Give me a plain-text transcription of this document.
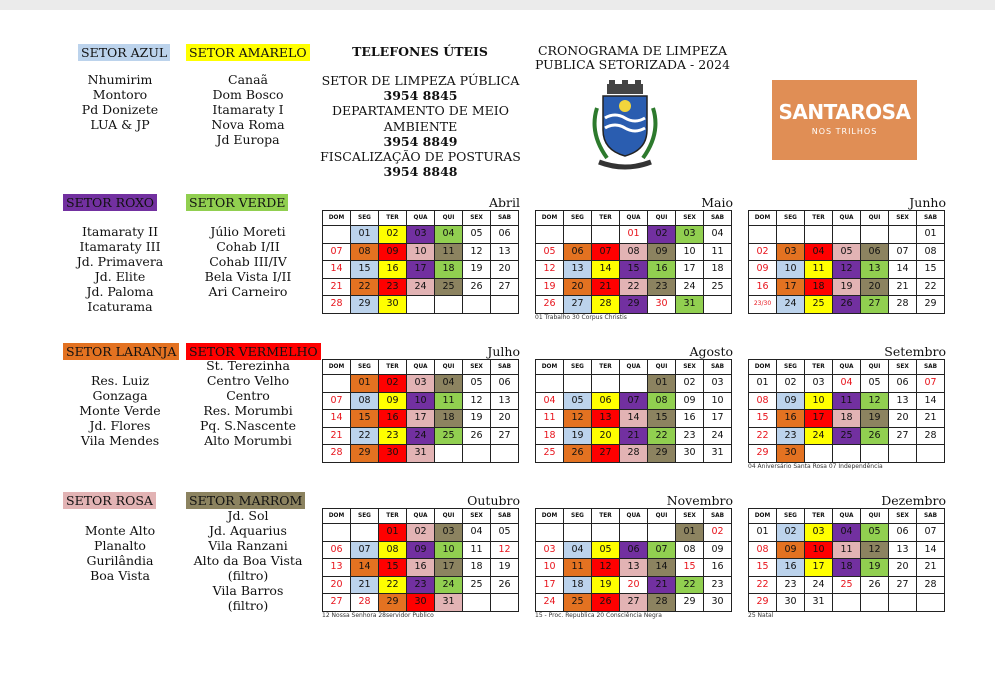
SETOR AZUL SETOR AMARELO	TELEFONES ÚTEIS	CRONOGRAMA DE LIMPEZA
PUBLICA SETORIZADA - 2024
Nhumirim
Montoro
Pd Donizete
LUA & JP
Canaã
Dom Bosco
Itamaraty I
Nova Roma
Jd Europa
SETOR DE LIMPEZA PÚBLICA
3954 8845
DEPARTAMENTO DE MEIO AMBIENTE
3954 8849
FISCALIZAÇÃO DE POSTURAS
3954 8848
SANTAROSA
NOS TRILHOS
SETOR ROXO	SETOR VERDE
Itamaraty II
Itamaraty III
Jd. Primavera
Jd. Elite
Jd. Paloma
Icaturama
Júlio Moreti
Cohab I/II
Cohab III/IV
Bela Vista I/II
Ari Carneiro
SETOR LARANJA SETOR VERMELHO
Res. Luiz
Gonzaga
Monte Verde
Jd. Flores
Vila Mendes
St. Terezinha
Centro Velho
Centro
Res. Morumbi
Pq. S.Nascente
Alto Morumbi
SETOR ROSA	SETOR MARROM
Monte Alto
Planalto
Gurilândia
Boa Vista
Jd. Sol
Jd. Aquarius
Vila Ranzani
Alto da Boa Vista
(filtro)
Vila Barros
(filtro)
Abril
DOM	SEG	TER	QUA	QUI	SEX	SAB
	01	02	03	04	05	06
07	08	09	10	11	12	13
14	15	16	17	18	19	20
21	22	23	24	25	26	27
28	29	30				
Maio
DOM	SEG	TER	QUA	QUI	SEX	SAB
			01	02	03	04
05	06	07	08	09	10	11
12	13	14	15	16	17	18
19	20	21	22	23	24	25
26	27	28	29	30	31	
01 Trabalho 30 Corpus Christis
Junho
DOM	SEG	TER	QUA	QUI	SEX	SAB
						01
02	03	04	05	06	07	08
09	10	11	12	13	14	15
16	17	18	19	20	21	22
23/30	24	25	26	27	28	29
Julho
DOM	SEG	TER	QUA	QUI	SEX	SAB
	01	02	03	04	05	06
07	08	09	10	11	12	13
14	15	16	17	18	19	20
21	22	23	24	25	26	27
28	29	30	31			
Agosto
DOM	SEG	TER	QUA	QUI	SEX	SAB
				01	02	03
04	05	06	07	08	09	10
11	12	13	14	15	16	17
18	19	20	21	22	23	24
25	26	27	28	29	30	31
Setembro
DOM	SEG	TER	QUA	QUI	SEX	SAB
01	02	03	04	05	06	07
08	09	10	11	12	13	14
15	16	17	18	19	20	21
22	23	24	25	26	27	28
29	30					
04 Aniversário Santa Rosa 07 Independência
Outubro
DOM	SEG	TER	QUA	QUI	SEX	SAB
		01	02	03	04	05
06	07	08	09	10	11	12
13	14	15	16	17	18	19
20	21	22	23	24	25	26
27	28	29	30	31		
12 Nossa Senhora 28servidor Publico
Novembro
DOM	SEG	TER	QUA	QUI	SEX	SAB
					01	02
03	04	05	06	07	08	09
10	11	12	13	14	15	16
17	18	19	20	21	22	23
24	25	26	27	28	29	30
15 - Proc. Republica 20 Consciência Negra
Dezembro
DOM	SEG	TER	QUA	QUI	SEX	SAB
01	02	03	04	05	06	07
08	09	10	11	12	13	14
15	16	17	18	19	20	21
22	23	24	25	26	27	28
29	30	31				
25 Natal
